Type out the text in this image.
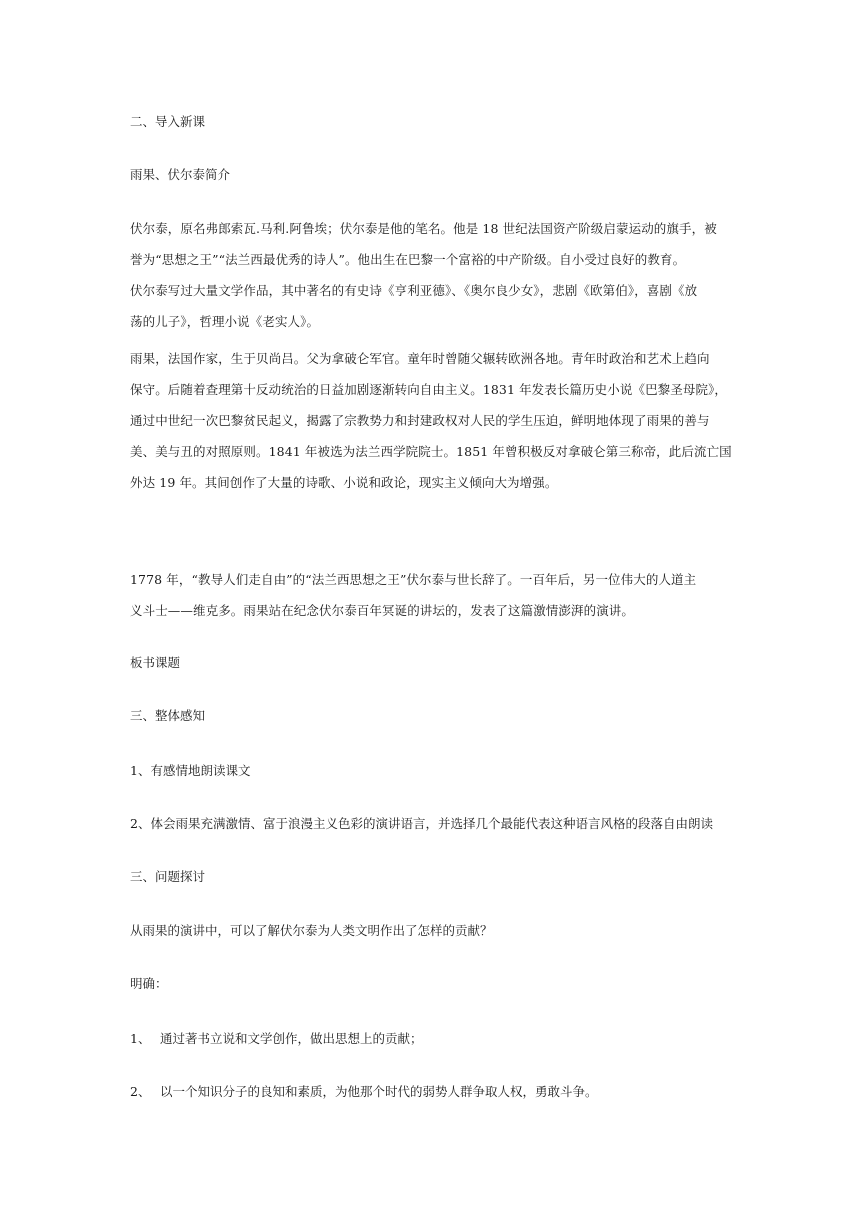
二、导入新课
雨果、伏尔泰简介
伏尔泰，原名弗郎索瓦.马利.阿鲁埃；伏尔泰是他的笔名。他是 18 世纪法国资产阶级启蒙运动的旗手，被
誉为“思想之王”“法兰西最优秀的诗人”。他出生在巴黎一个富裕的中产阶级。自小受过良好的教育。
伏尔泰写过大量文学作品，其中著名的有史诗《亨利亚德》、《奥尔良少女》，悲剧《欧第伯》，喜剧《放
荡的儿子》，哲理小说《老实人》。
雨果，法国作家，生于贝尚吕。父为拿破仑军官。童年时曾随父辗转欧洲各地。青年时政治和艺术上趋向
保守。后随着查理第十反动统治的日益加剧逐渐转向自由主义。1831 年发表长篇历史小说《巴黎圣母院》，
通过中世纪一次巴黎贫民起义，揭露了宗教势力和封建政权对人民的学生压迫，鲜明地体现了雨果的善与
美、美与丑的对照原则。1841 年被选为法兰西学院院士。1851 年曾积极反对拿破仑第三称帝，此后流亡国
外达 19 年。其间创作了大量的诗歌、小说和政论，现实主义倾向大为增强。
1778 年，“教导人们走自由”的“法兰西思想之王”伏尔泰与世长辞了。一百年后，另一位伟大的人道主
义斗士——维克多。雨果站在纪念伏尔泰百年冥诞的讲坛的，发表了这篇激情澎湃的演讲。
板书课题
三、整体感知
1、有感情地朗读课文
2、体会雨果充满激情、富于浪漫主义色彩的演讲语言，并选择几个最能代表这种语言风格的段落自由朗读
三、问题探讨
从雨果的演讲中，可以了解伏尔泰为人类文明作出了怎样的贡献？
明确：
1、 通过著书立说和文学创作，做出思想上的贡献；
2、 以一个知识分子的良知和素质，为他那个时代的弱势人群争取人权，勇敢斗争。
